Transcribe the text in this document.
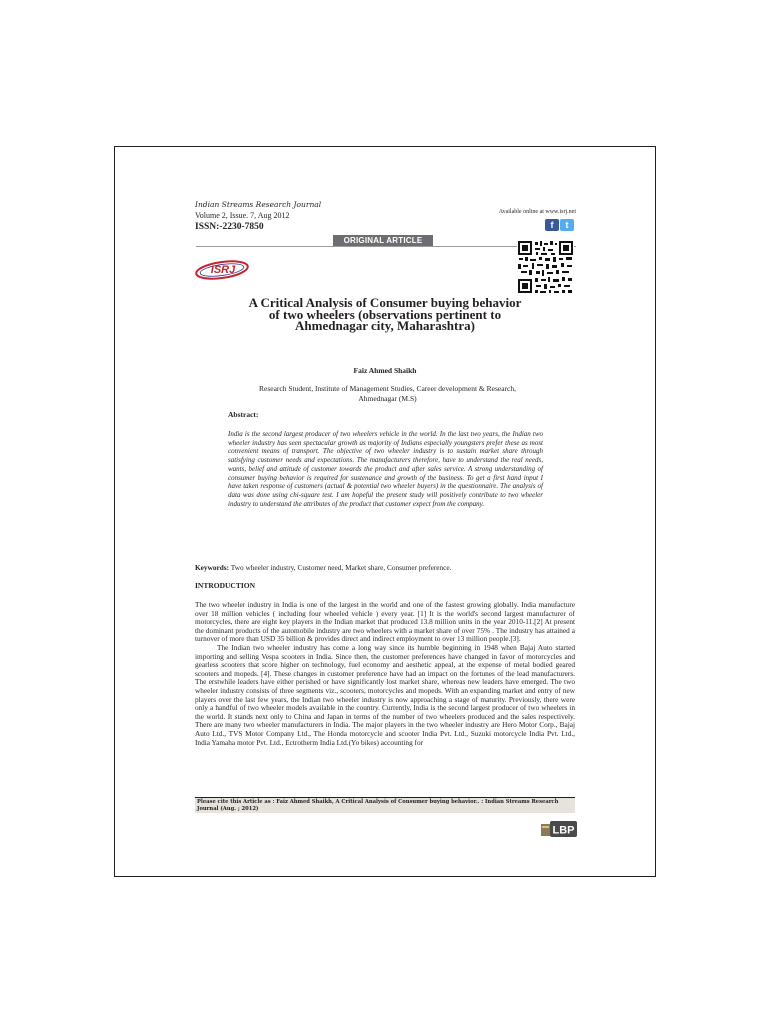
Indian Streams Research Journal
Volume 2, Issue. 7, Aug 2012
ISSN:-2230-7850
Available online at www.isrj.net
f	t
ORIGINAL ARTICLE
ISRJ
A Critical Analysis of Consumer buying behavior
of two wheelers (observations pertinent to
Ahmednagar city, Maharashtra)
Faiz Ahmed Shaikh
Research Student, Institute of Management Studies, Career development & Research,
Ahmednagar (M.S)
Abstract:
India is the second largest producer of two wheelers vehicle in the world. In the last two years, the Indian two wheeler industry has seen spectacular growth as majority of Indians especially youngsters prefer these as most convenient means of transport. The objective of two wheeler industry is to sustain market share through satisfying customer needs and expectations. The manufacturers therefore, have to understand the real needs, wants, belief and attitude of customer towards the product and after sales service. A strong understanding of consumer buying behavior is required for sustenance and growth of the business. To get a first hand input I have taken response of customers (actual & potential two wheeler buyers) in the questionnaire. The analysis of data was done using chi-square test. I am hopeful the present study will positively contribute to two wheeler industry to understand the attributes of the product that customer expect from the company.
Keywords: Two wheeler industry, Customer need, Market share, Consumer preference.
INTRODUCTION

The two wheeler industry in India is one of the largest in the world and one of the fastest growing globally. India manufacture over 18 million vehicles ( including four wheeled vehicle ) every year. [1] It is the world's second largest manufacturer of motorcycles, there are eight key players in the Indian market that produced 13.8 million units in the year 2010-11.[2] At present the dominant products of the automobile industry are two wheelers with a market share of over 75% . The industry has attained a turnover of more than USD 35 billion & provides direct and indirect employment to over 13 million people.[3].

The Indian two wheeler industry has come a long way since its humble beginning in 1948 when Bajaj Auto started importing and selling Vespa scooters in India. Since then, the customer preferences have changed in favor of motorcycles and gearless scooters that score higher on technology, fuel economy and aesthetic appeal, at the expense of metal bodied geared scooters and mopeds. [4]. These changes in customer preference have had an impact on the fortunes of the lead manufacturers. The erstwhile leaders have either perished or have significantly lost market share, whereas new leaders have emerged. The two wheeler industry consists of three segments viz., scooters, motorcycles and mopeds. With an expanding market and entry of new players over the last few years, the Indian two wheeler industry is now approaching a stage of maturity. Previously, there were only a handful of two wheeler models available in the country. Currently, India is the second largest producer of two wheelers in the world. It stands next only to China and Japan in terms of the number of two wheelers produced and the sales respectively. There are many two wheeler manufacturers in India. The major players in the two wheeler industry are Hero Motor Corp., Bajaj Auto Ltd., TVS Motor Company Ltd., The Honda motorcycle and scooter India Pvt. Ltd., Suzuki motorcycle India Pvt. Ltd., India Yamaha motor Pvt. Ltd., Ectrotherm India Ltd.(Yo bikes) accounting for

Please cite this Article as : Faiz Ahmed Shaikh, A Critical Analysis of Consumer buying behavior.. : Indian Streams Research Journal (Aug. ; 2012)
LBP
